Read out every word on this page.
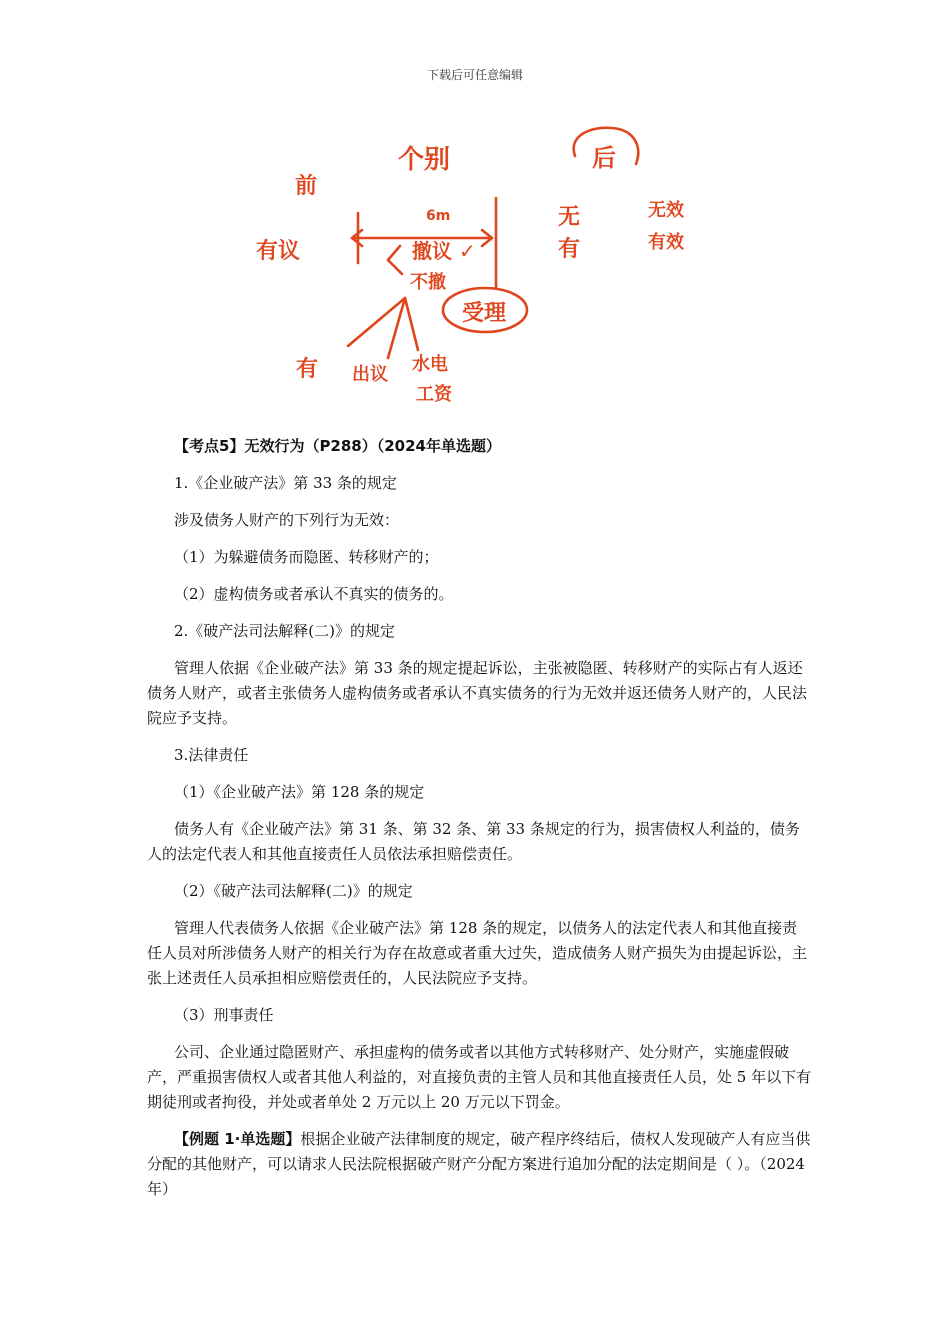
下载后可任意编辑
前
个别	后
有议
6m
撤议 ✓
不撤
无
有
无效
有效
受理
有 出议 水电
工资
【考点5】无效行为（P288）（2024年单选题）
1.《企业破产法》第 33 条的规定
涉及债务人财产的下列行为无效：
（1）为躲避债务而隐匿、转移财产的；
（2）虚构债务或者承认不真实的债务的。
2.《破产法司法解释(二)》的规定
管理人依据《企业破产法》第 33 条的规定提起诉讼，主张被隐匿、转移财产的实际占有人返还债务人财产，或者主张债务人虚构债务或者承认不真实债务的行为无效并返还债务人财产的，人民法院应予支持。
3.法律责任
（1）《企业破产法》第 128 条的规定
债务人有《企业破产法》第 31 条、第 32 条、第 33 条规定的行为，损害债权人利益的，债务人的法定代表人和其他直接责任人员依法承担赔偿责任。
（2）《破产法司法解释(二)》的规定
管理人代表债务人依据《企业破产法》第 128 条的规定，以债务人的法定代表人和其他直接责任人员对所涉债务人财产的相关行为存在故意或者重大过失，造成债务人财产损失为由提起诉讼，主张上述责任人员承担相应赔偿责任的，人民法院应予支持。
（3）刑事责任
公司、企业通过隐匿财产、承担虚构的债务或者以其他方式转移财产、处分财产，实施虚假破产，严重损害债权人或者其他人利益的，对直接负责的主管人员和其他直接责任人员，处 5 年以下有期徒刑或者拘役，并处或者单处 2 万元以上 20 万元以下罚金。
【例题 1·单选题】根据企业破产法律制度的规定，破产程序终结后，债权人发现破产人有应当供分配的其他财产，可以请求人民法院根据破产财产分配方案进行追加分配的法定期间是（ ）。（2024 年）
